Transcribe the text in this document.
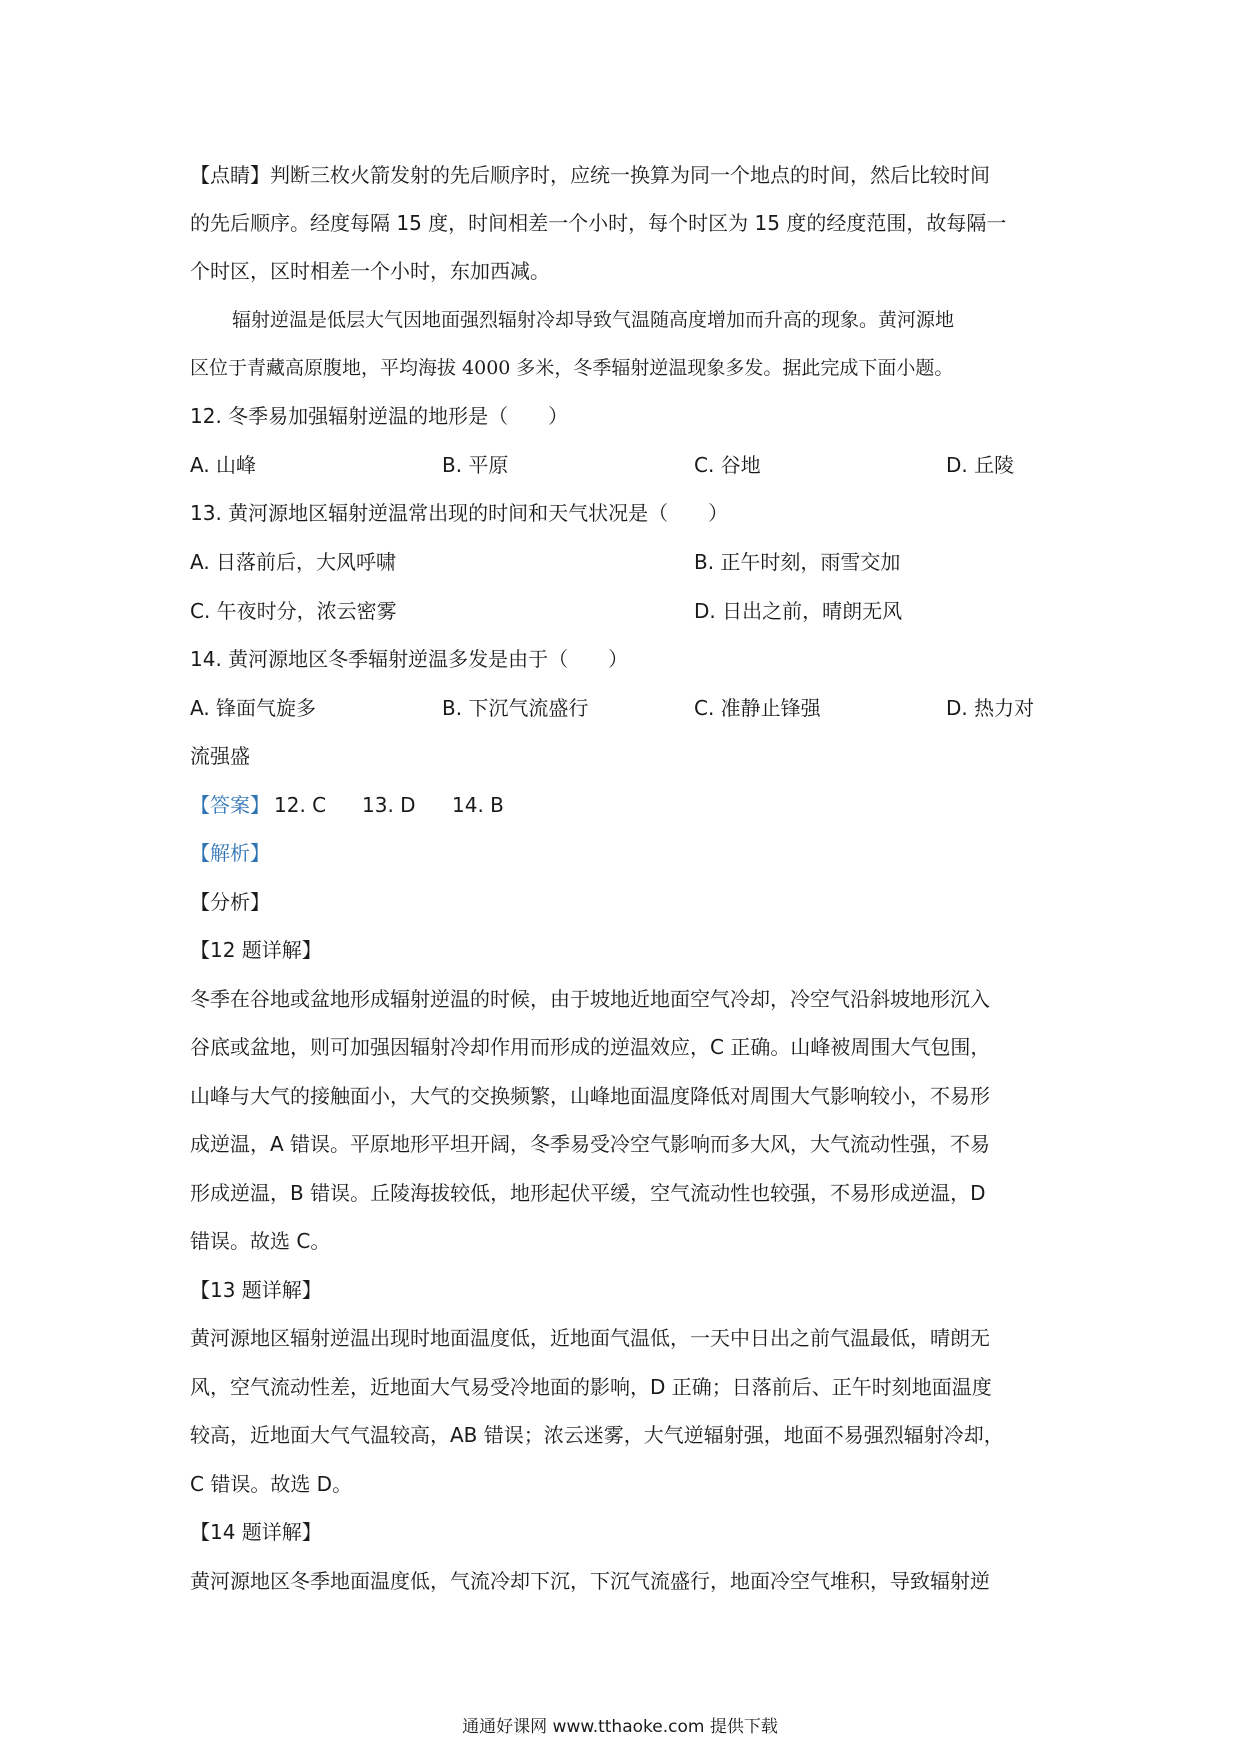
【点睛】判断三枚火箭发射的先后顺序时，应统一换算为同一个地点的时间，然后比较时间
的先后顺序。经度每隔 15 度，时间相差一个小时，每个时区为 15 度的经度范围，故每隔一
个时区，区时相差一个小时，东加西减。
辐射逆温是低层大气因地面强烈辐射冷却导致气温随高度增加而升高的现象。黄河源地
区位于青藏高原腹地，平均海拔 4000 多米，冬季辐射逆温现象多发。据此完成下面小题。
12. 冬季易加强辐射逆温的地形是（　　）
A. 山峰	B. 平原	C. 谷地	D. 丘陵
13. 黄河源地区辐射逆温常出现的时间和天气状况是（　　）
A. 日落前后，大风呼啸	B. 正午时刻，雨雪交加
C. 午夜时分，浓云密雾	D. 日出之前，晴朗无风
14. 黄河源地区冬季辐射逆温多发是由于（　　）
A. 锋面气旋多	B. 下沉气流盛行	C. 准静止锋强	D. 热力对
流强盛
【答案】 12. C 13. D 14. B
【解析】
【分析】
【12 题详解】
冬季在谷地或盆地形成辐射逆温的时候，由于坡地近地面空气冷却，冷空气沿斜坡地形沉入
谷底或盆地，则可加强因辐射冷却作用而形成的逆温效应，C 正确。山峰被周围大气包围，
山峰与大气的接触面小，大气的交换频繁，山峰地面温度降低对周围大气影响较小，不易形
成逆温，A 错误。平原地形平坦开阔，冬季易受冷空气影响而多大风，大气流动性强，不易
形成逆温，B 错误。丘陵海拔较低，地形起伏平缓，空气流动性也较强，不易形成逆温，D
错误。故选 C。
【13 题详解】
黄河源地区辐射逆温出现时地面温度低，近地面气温低，一天中日出之前气温最低，晴朗无
风，空气流动性差，近地面大气易受冷地面的影响，D 正确；日落前后、正午时刻地面温度
较高，近地面大气气温较高，AB 错误；浓云迷雾，大气逆辐射强，地面不易强烈辐射冷却，
C 错误。故选 D。
【14 题详解】
黄河源地区冬季地面温度低，气流冷却下沉，下沉气流盛行，地面冷空气堆积，导致辐射逆
通通好课网 www.tthaoke.com 提供下载
